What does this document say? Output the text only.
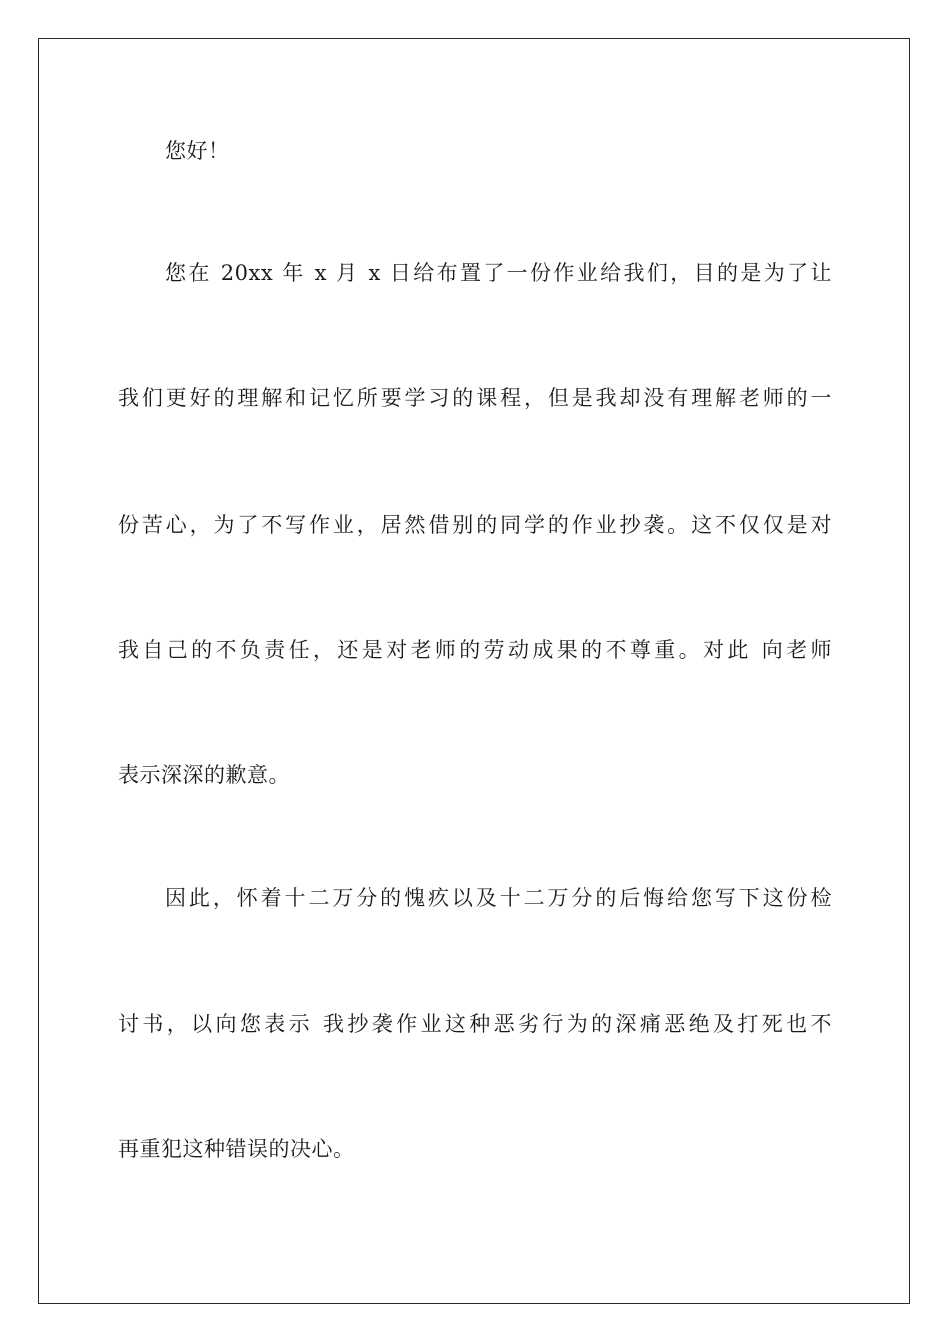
您好！
您在 20xx 年 x 月 x 日给布置了一份作业给我们，目的是为了让
我们更好的理解和记忆所要学习的课程，但是我却没有理解老师的一
份苦心，为了不写作业，居然借别的同学的作业抄袭。这不仅仅是对
我自己的不负责任，还是对老师的劳动成果的不尊重。对此 向老师
表示深深的歉意。
因此，怀着十二万分的愧疚以及十二万分的后悔给您写下这份检
讨书，以向您表示 我抄袭作业这种恶劣行为的深痛恶绝及打死也不
再重犯这种错误的决心。
